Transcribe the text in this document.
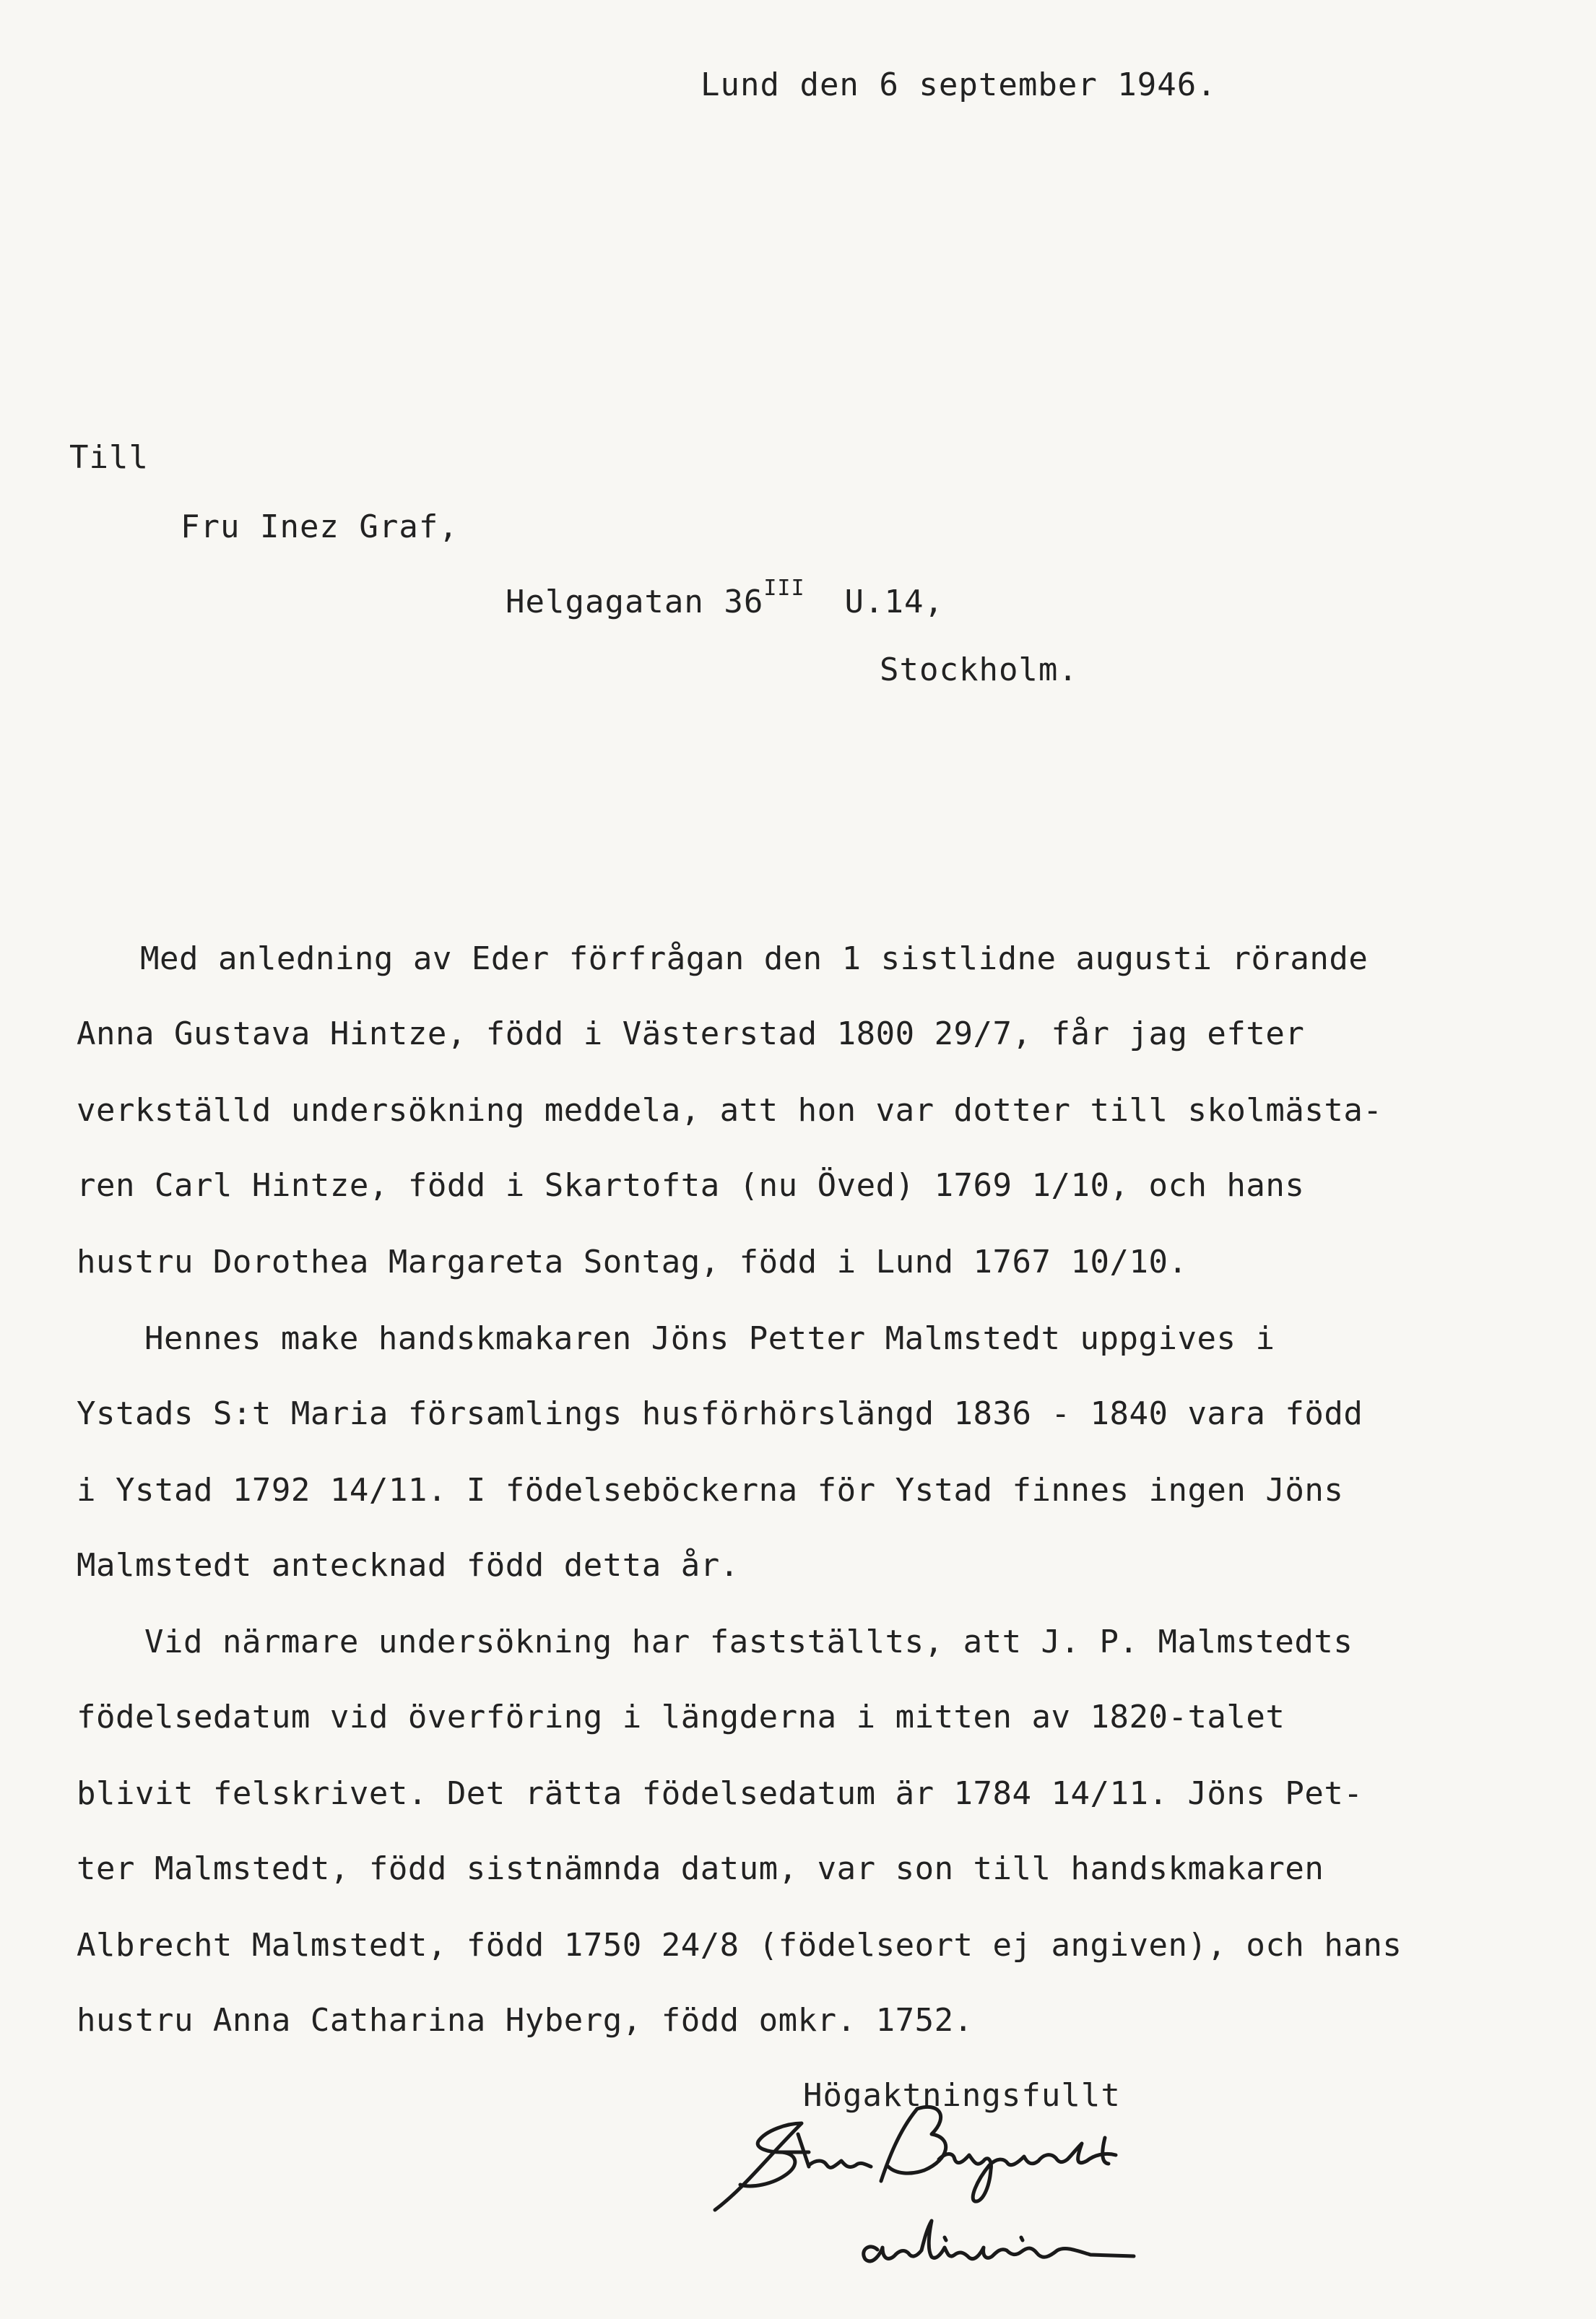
Lund den 6 september 1946.
Till
Fru Inez Graf,
Helgagatan $36^{III}$ U.14,
Stockholm.
Med anledning av Eder förfrågan den 1 sistlidne augusti rörande
Anna Gustava Hintze, född i Västerstad 1800 29/7, får jag efter
verkställd undersökning meddela, att hon var dotter till skolmästa-
ren Carl Hintze, född i Skartofta (nu Öved) 1769 1/10, och hans
hustru Dorothea Margareta Sontag, född i Lund 1767 10/10.
Hennes make handskmakaren Jöns Petter Malmstedt uppgives i
Ystads S:t Maria församlings husförhörslängd 1836 - 1840 vara född
i Ystad 1792 14/11. I födelseböckerna för Ystad finnes ingen Jöns
Malmstedt antecknad född detta år.
Vid närmare undersökning har fastställts, att J. P. Malmstedts
födelsedatum vid överföring i längderna i mitten av 1820-talet
blivit felskrivet. Det rätta födelsedatum är 1784 14/11. Jöns Pet-
ter Malmstedt, född sistnämnda datum, var son till handskmakaren
Albrecht Malmstedt, född 1750 24/8 (födelseort ej angiven), och hans
hustru Anna Catharina Hyberg, född omkr. 1752.
Högaktningsfullt
